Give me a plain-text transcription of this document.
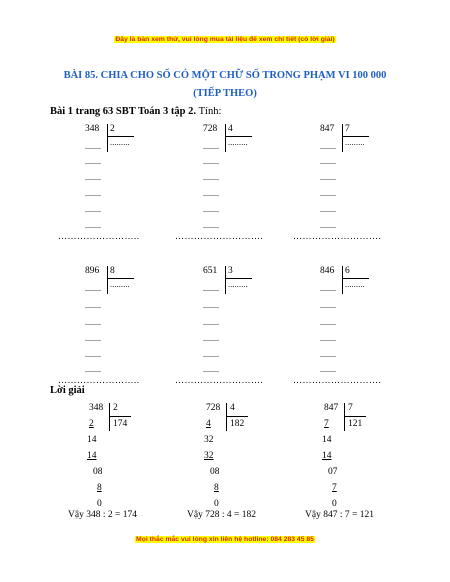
Đây là bản xem thử, vui lòng mua tài liệu để xem chi tiết (có lời giải)
BÀI 85. CHIA CHO SỐ CÓ MỘT CHỮ SỐ TRONG PHẠM VI 100 000
(TIẾP THEO)
Bài 1 trang 63 SBT Toán 3 tập 2. Tính:
348 2
.........
........
........
........
........
........
........
728 4
.........
........
........
........
........
........
........
847 7
.........
........
........
........
........
........
........
……………………..	……………………….	……………………….
896 8
.........
........
........
........
........
........
........
651 3
.........
........
........
........
........
........
........
846 6
.........
........
........
........
........
........
........
……………………..	……………………….	……………………….
Lời giải
348 2
174
2
14
14
08
8
0
Vậy 348 : 2 = 174
728 4
182
4
32
32
08
8
0
Vậy 728 : 4 = 182
847 7
121
7
14
14
07
7
0
Vậy 847 : 7 = 121
Mọi thắc mắc vui lòng xin liên hệ hotline: 084 283 45 85
